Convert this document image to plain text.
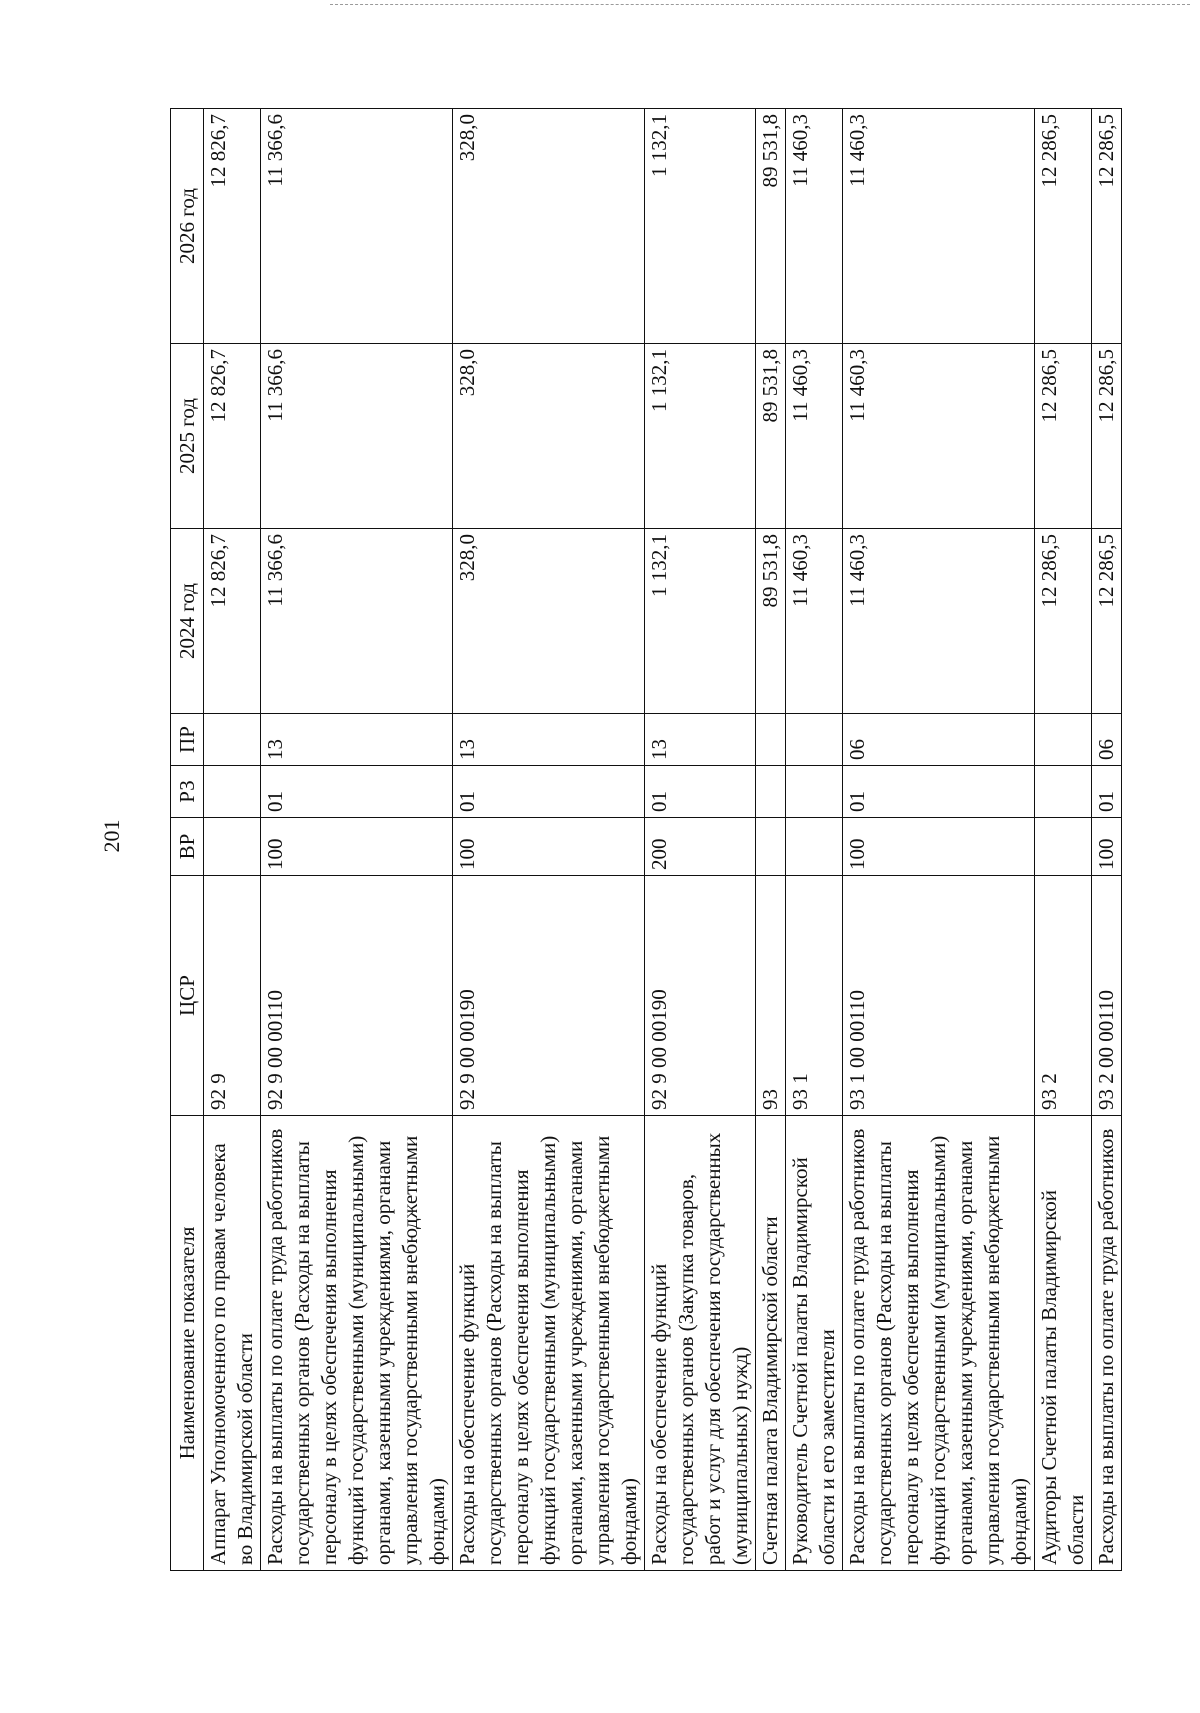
201
Наименование показателя	ЦСР	ВР	РЗ	ПР	2024 год	2025 год	2026 год
Аппарат Уполномоченного по правам человека во Владимирской области	92 9				12 826,7	12 826,7	12 826,7
Расходы на выплаты по оплате труда работников государственных органов (Расходы на выплаты персоналу в целях обеспечения выполнения функций государственными (муниципальными) органами, казенными учреждениями, органами управления государственными внебюджетными фондами)	92 9 00 00110	100	01	13	11 366,6	11 366,6	11 366,6
Расходы на обеспечение функций государственных органов (Расходы на выплаты персоналу в целях обеспечения выполнения функций государственными (муниципальными) органами, казенными учреждениями, органами управления государственными внебюджетными фондами)	92 9 00 00190	100	01	13	328,0	328,0	328,0
Расходы на обеспечение функций государственных органов (Закупка товаров, работ и услуг для обеспечения государственных (муниципальных) нужд)	92 9 00 00190	200	01	13	1 132,1	1 132,1	1 132,1
Счетная палата Владимирской области	93				89 531,8	89 531,8	89 531,8
Руководитель Счетной палаты Владимирской области и его заместители	93 1				11 460,3	11 460,3	11 460,3
Расходы на выплаты по оплате труда работников государственных органов (Расходы на выплаты персоналу в целях обеспечения выполнения функций государственными (муниципальными) органами, казенными учреждениями, органами управления государственными внебюджетными фондами)	93 1 00 00110	100	01	06	11 460,3	11 460,3	11 460,3
Аудиторы Счетной палаты Владимирской области	93 2				12 286,5	12 286,5	12 286,5
Расходы на выплаты по оплате труда работников	93 2 00 00110	100	01	06	12 286,5	12 286,5	12 286,5
